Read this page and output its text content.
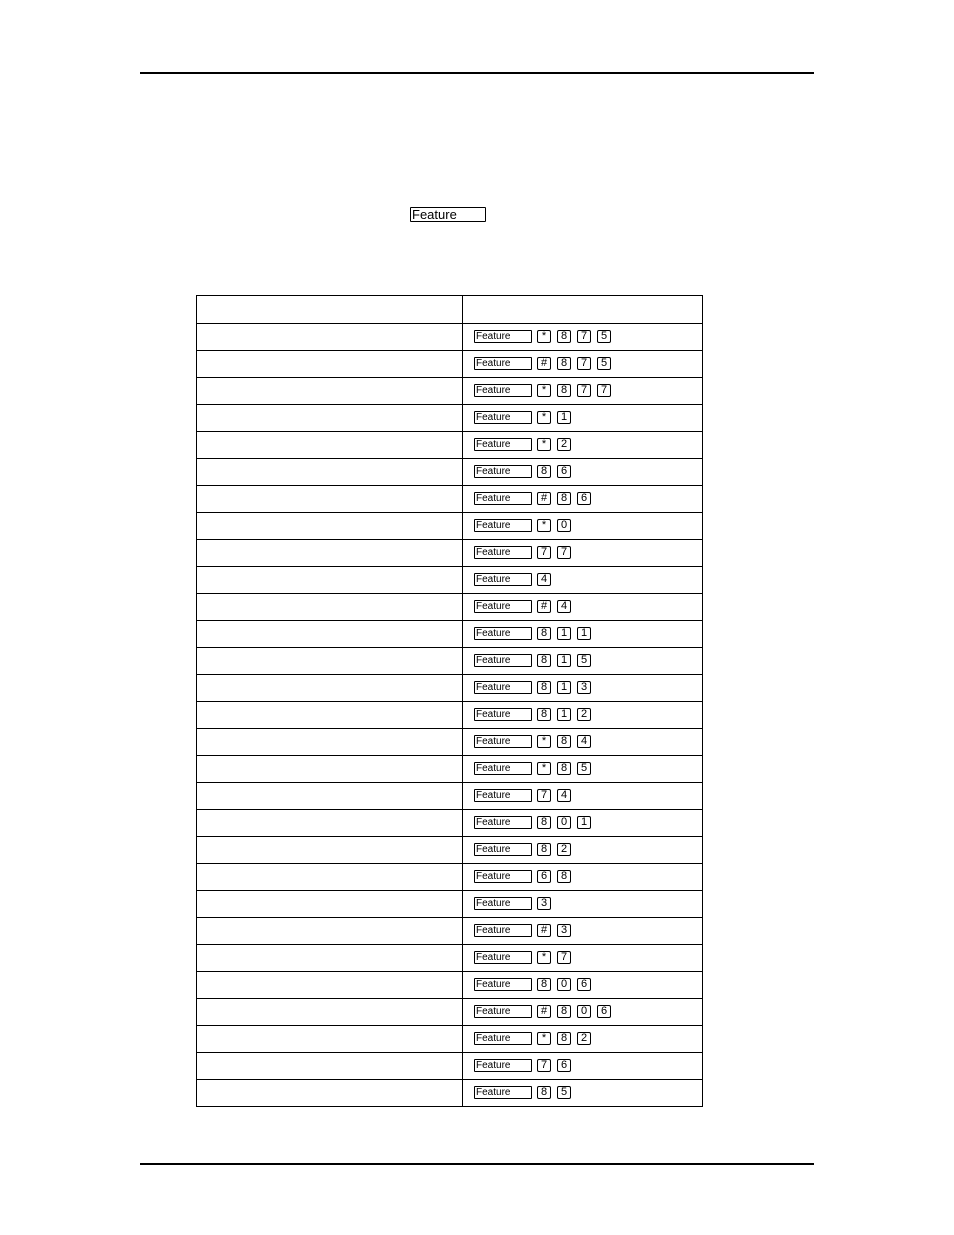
Feature

	Feature * 8 7 5
	Feature # 8 7 5
	Feature * 8 7 7
	Feature * 1
	Feature * 2
	Feature 8 6
	Feature # 8 6
	Feature * 0
	Feature 7 7
	Feature 4
	Feature # 4
	Feature 8 1 1
	Feature 8 1 5
	Feature 8 1 3
	Feature 8 1 2
	Feature * 8 4
	Feature * 8 5
	Feature 7 4
	Feature 8 0 1
	Feature 8 2
	Feature 6 8
	Feature 3
	Feature # 3
	Feature * 7
	Feature 8 0 6
	Feature # 8 0 6
	Feature * 8 2
	Feature 7 6
	Feature 8 5
